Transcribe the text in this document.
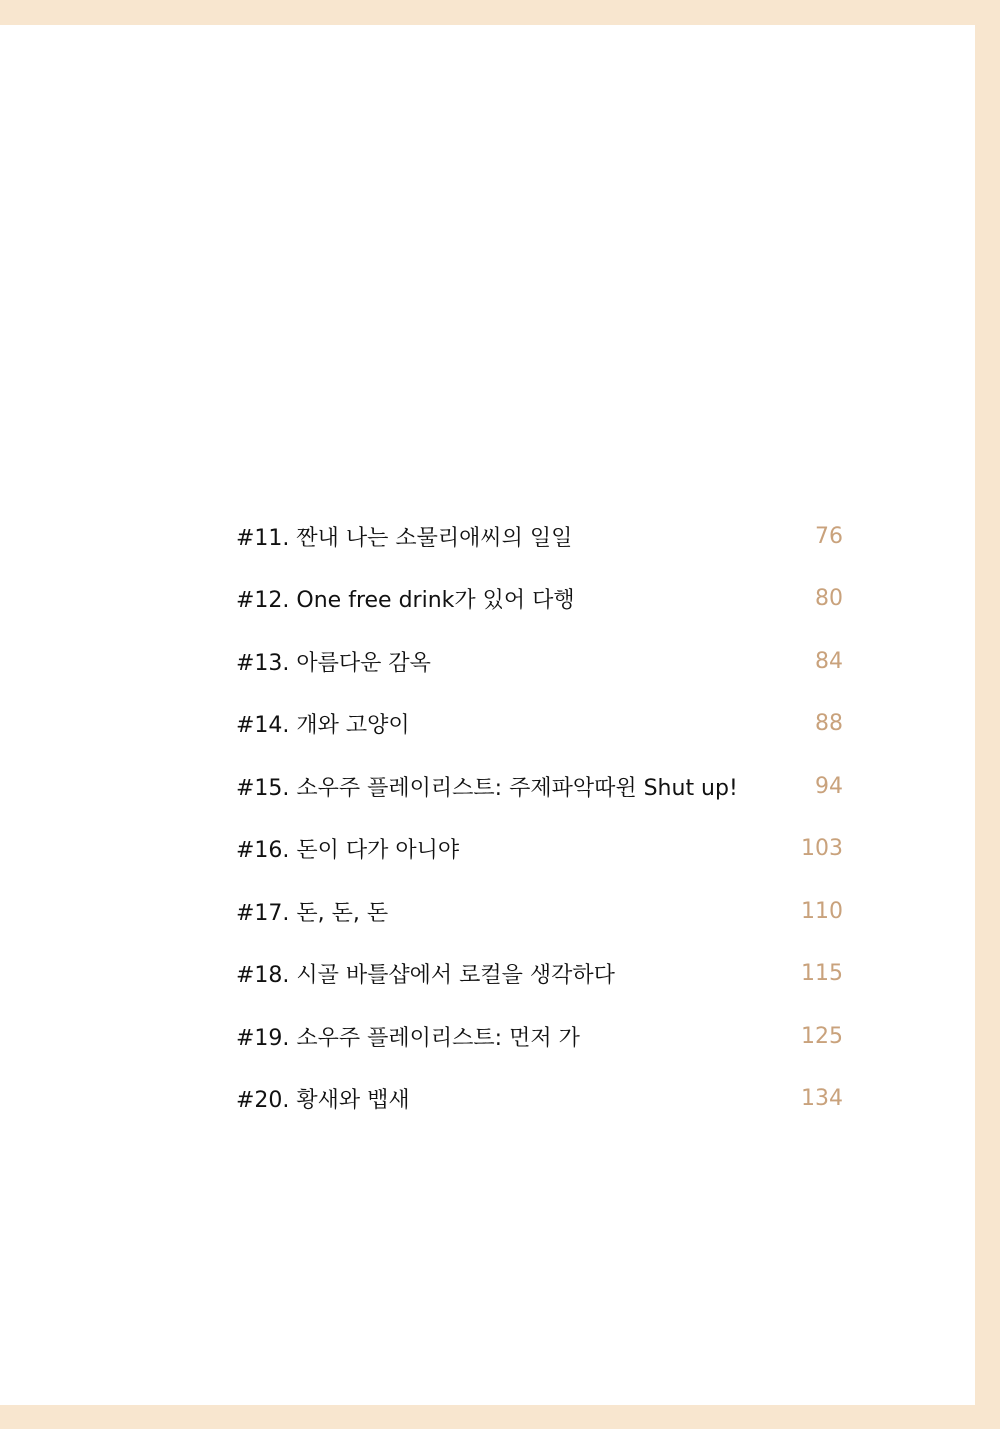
#11. 짠내 나는 소물리애씨의 일일	76
#12. One free drink가 있어 다행	80
#13. 아름다운 감옥	84
#14. 개와 고양이	88
#15. 소우주 플레이리스트: 주제파악따윈 Shut up!	94
#16. 돈이 다가 아니야	103
#17. 돈, 돈, 돈	110
#18. 시골 바틀샵에서 로컬을 생각하다	115
#19. 소우주 플레이리스트: 먼저 가	125
#20. 황새와 뱁새	134
